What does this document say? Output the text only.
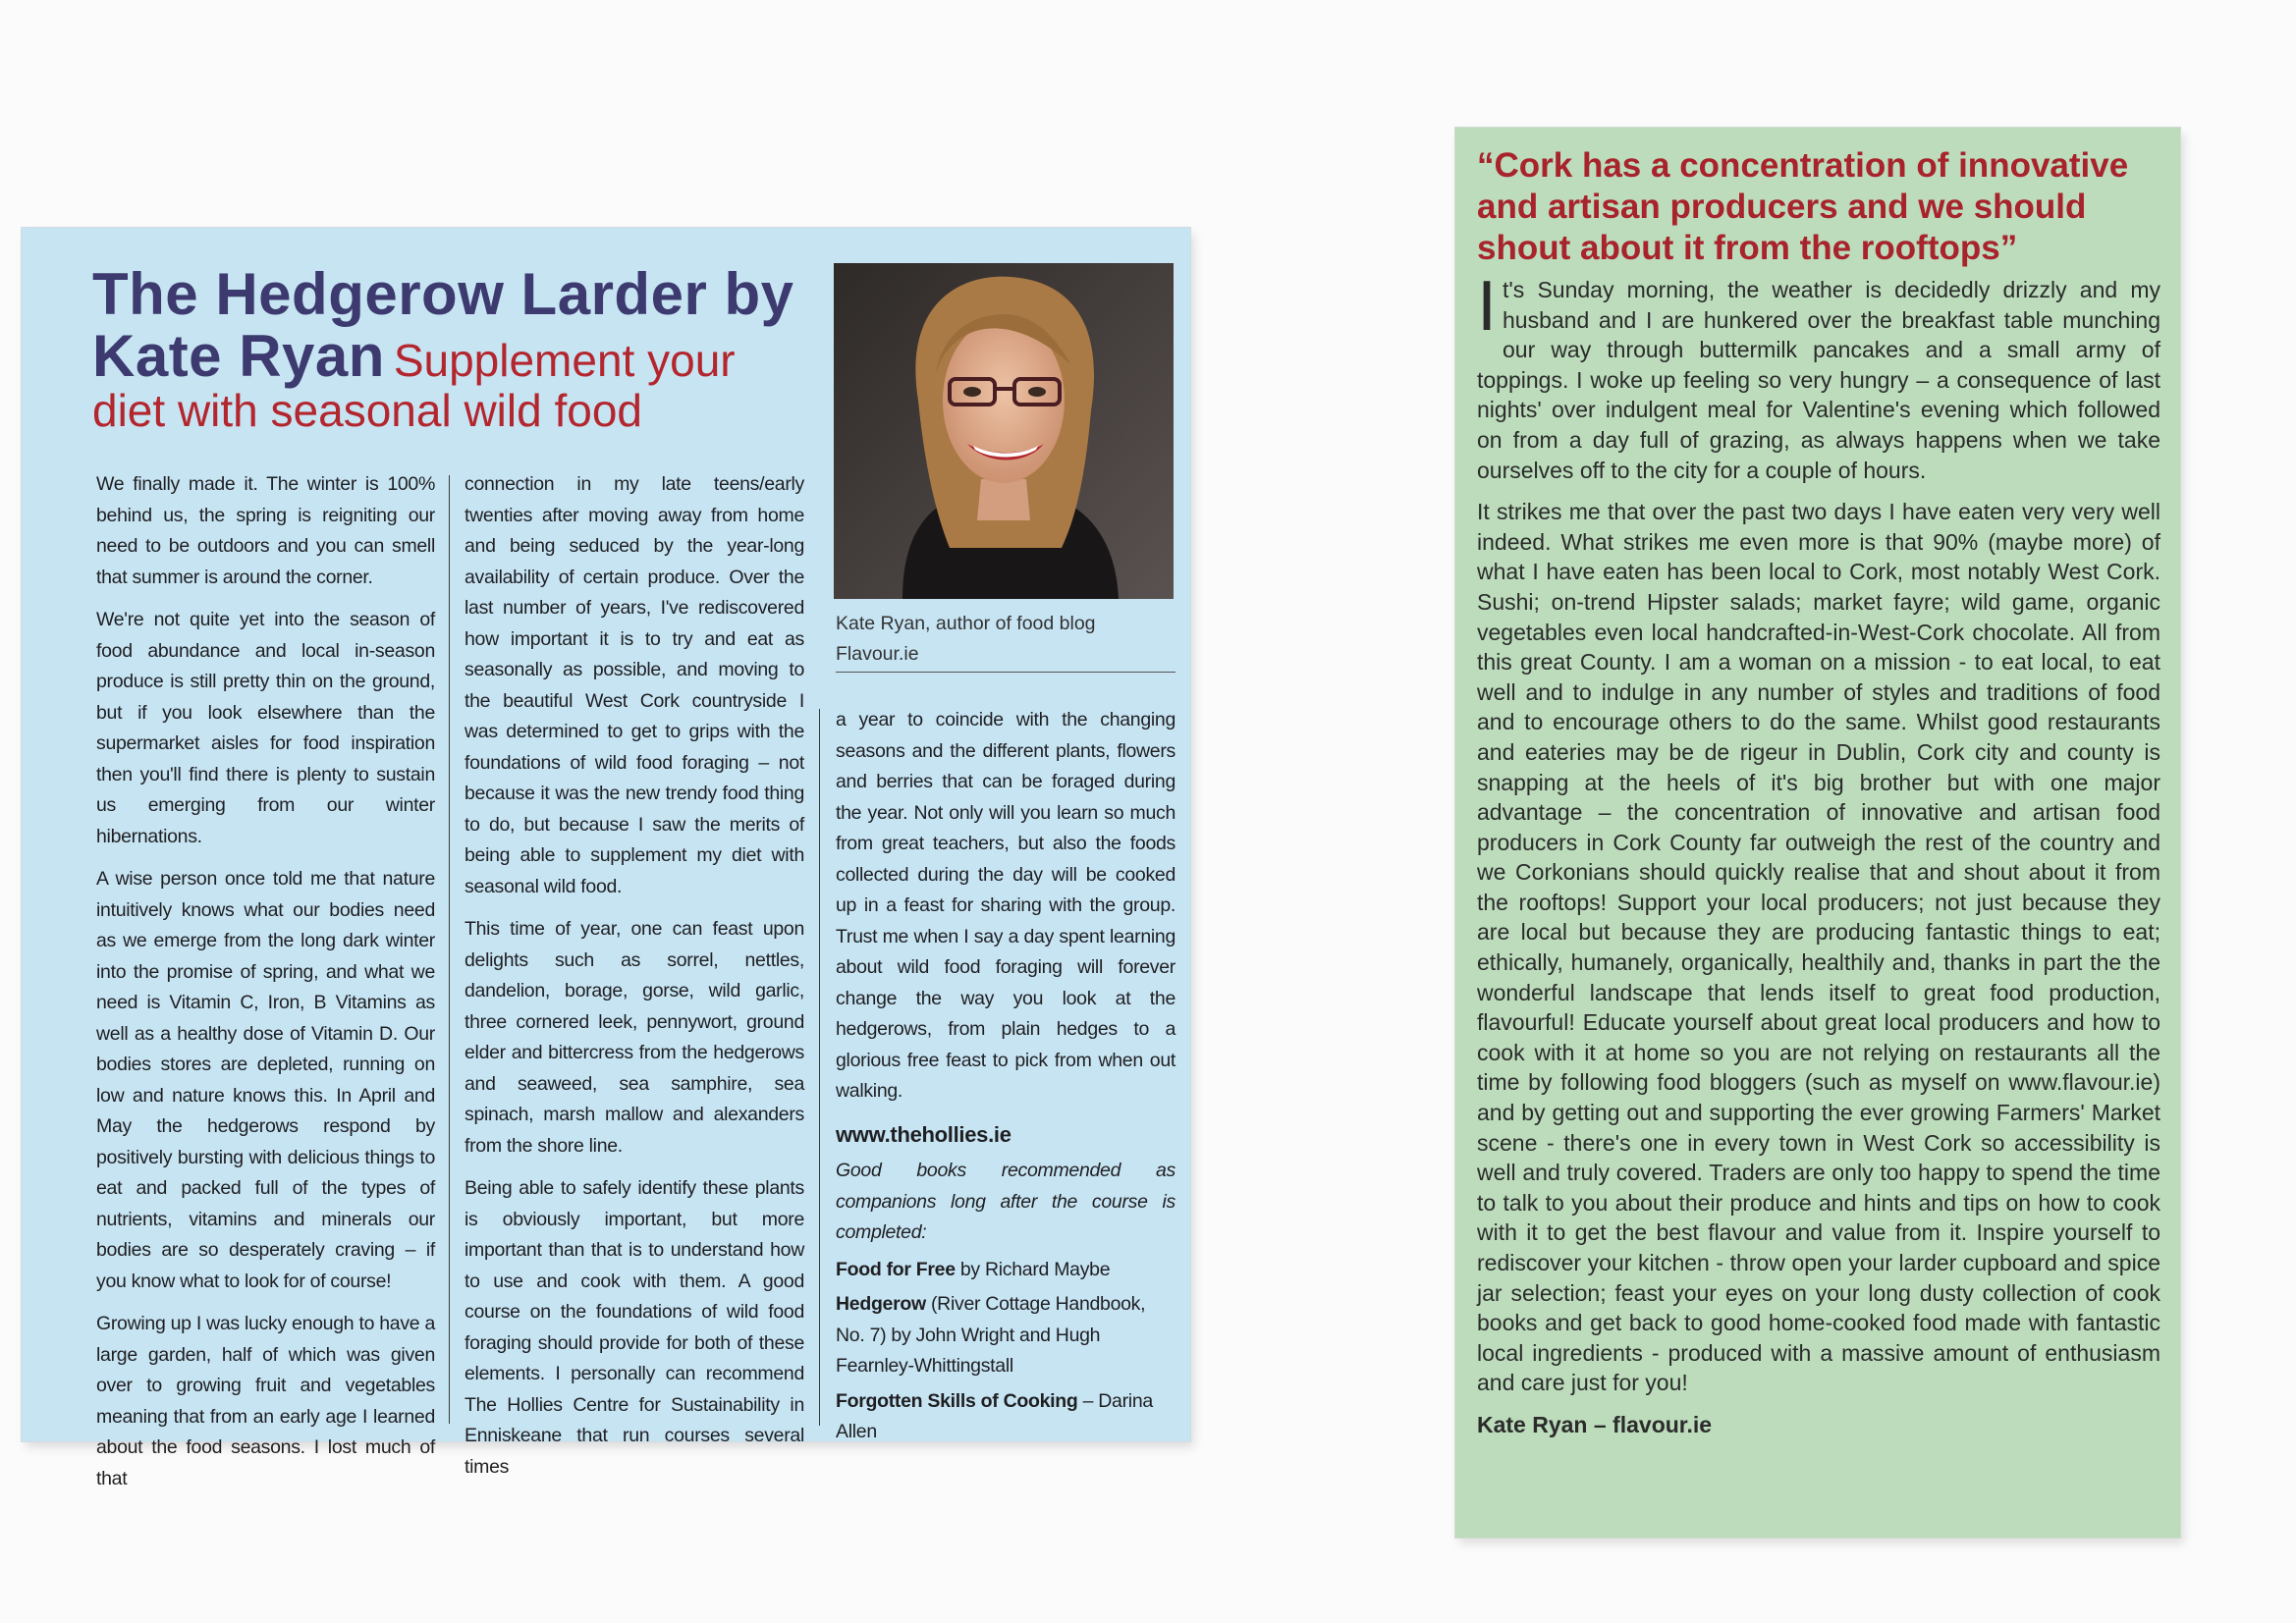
The Hedgerow Larder by
Kate Ryan Supplement your
diet with seasonal wild food

We finally made it. The winter is 100% behind us, the spring is reigniting our need to be outdoors and you can smell that summer is around the corner.

We're not quite yet into the season of food abundance and local in-season produce is still pretty thin on the ground, but if you look elsewhere than the supermarket aisles for food inspiration then you'll find there is plenty to sustain us emerging from our winter hibernations.

A wise person once told me that nature intuitively knows what our bodies need as we emerge from the long dark winter into the promise of spring, and what we need is Vitamin C, Iron, B Vitamins as well as a healthy dose of Vitamin D. Our bodies stores are depleted, running on low and nature knows this. In April and May the hedgerows respond by positively bursting with delicious things to eat and packed full of the types of nutrients, vitamins and minerals our bodies are so desperately craving – if you know what to look for of course!

Growing up I was lucky enough to have a large garden, half of which was given over to growing fruit and vegetables meaning that from an early age I learned about the food seasons. I lost much of that

connection in my late teens/early twenties after moving away from home and being seduced by the year-long availability of certain produce. Over the last number of years, I've rediscovered how important it is to try and eat as seasonally as possible, and moving to the beautiful West Cork countryside I was determined to get to grips with the foundations of wild food foraging – not because it was the new trendy food thing to do, but because I saw the merits of being able to supplement my diet with seasonal wild food.

This time of year, one can feast upon delights such as sorrel, nettles, dandelion, borage, gorse, wild garlic, three cornered leek, pennywort, ground elder and bittercress from the hedgerows and seaweed, sea samphire, sea spinach, marsh mallow and alexanders from the shore line.

Being able to safely identify these plants is obviously important, but more important than that is to understand how to use and cook with them. A good course on the foundations of wild food foraging should provide for both of these elements. I personally can recommend The Hollies Centre for Sustainability in Enniskeane that run courses several times

Kate Ryan, author of food blog Flavour.ie

a year to coincide with the changing seasons and the different plants, flowers and berries that can be foraged during the year. Not only will you learn so much from great teachers, but also the foods collected during the day will be cooked up in a feast for sharing with the group. Trust me when I say a day spent learning about wild food foraging will forever change the way you look at the hedgerows, from plain hedges to a glorious free feast to pick from when out walking.

www.thehollies.ie
Good books recommended as companions long after the course is completed:
Food for Free by Richard Maybe
Hedgerow (River Cottage Handbook, No. 7) by John Wright and Hugh Fearnley-Whittingstall
Forgotten Skills of Cooking – Darina Allen
“Cork has a concentration of innovative and artisan producers and we should shout about it from the rooftops”

It's Sunday morning, the weather is decidedly drizzly and my husband and I are hunkered over the breakfast table munching our way through buttermilk pancakes and a small army of toppings. I woke up feeling so very hungry – a consequence of last nights' over indulgent meal for Valentine's evening which followed on from a day full of grazing, as always happens when we take ourselves off to the city for a couple of hours.

It strikes me that over the past two days I have eaten very very well indeed. What strikes me even more is that 90% (maybe more) of what I have eaten has been local to Cork, most notably West Cork. Sushi; on-trend Hipster salads; market fayre; wild game, organic vegetables even local handcrafted-in-West-Cork chocolate. All from this great County. I am a woman on a mission - to eat local, to eat well and to indulge in any number of styles and traditions of food and to encourage others to do the same. Whilst good restaurants and eateries may be de rigeur in Dublin, Cork city and county is snapping at the heels of it's big brother but with one major advantage – the concentration of innovative and artisan food producers in Cork County far outweigh the rest of the country and we Corkonians should quickly realise that and shout about it from the rooftops! Support your local producers; not just because they are local but because they are producing fantastic things to eat; ethically, humanely, organically, healthily and, thanks in part the the wonderful landscape that lends itself to great food production, flavourful! Educate yourself about great local producers and how to cook with it at home so you are not relying on restaurants all the time by following food bloggers (such as myself on www.flavour.ie) and by getting out and supporting the ever growing Farmers' Market scene - there's one in every town in West Cork so accessibility is well and truly covered. Traders are only too happy to spend the time to talk to you about their produce and hints and tips on how to cook with it to get the best flavour and value from it. Inspire yourself to rediscover your kitchen - throw open your larder cupboard and spice jar selection; feast your eyes on your long dusty collection of cook books and get back to good home-cooked food made with fantastic local ingredients - produced with a massive amount of enthusiasm and care just for you!

Kate Ryan – flavour.ie
